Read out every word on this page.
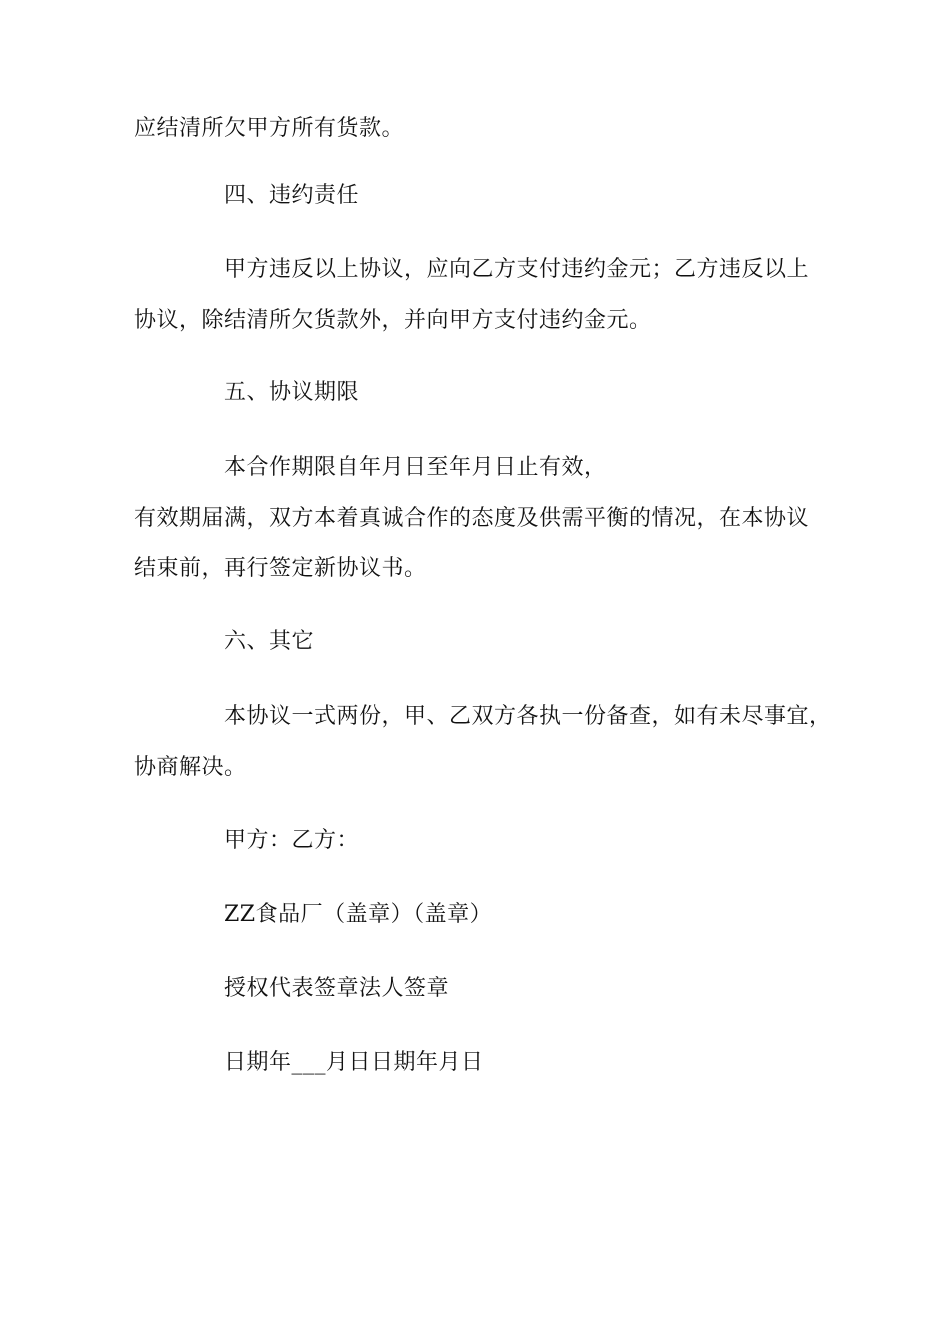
应结清所欠甲方所有货款。
四、违约责任
甲方违反以上协议，应向乙方支付违约金元；乙方违反以上
协议，除结清所欠货款外，并向甲方支付违约金元。
五、协议期限
本合作期限自年月日至年月日止有效，
有效期届满，双方本着真诚合作的态度及供需平衡的情况，在本协议
结束前，再行签定新协议书。
六、其它
本协议一式两份，甲、乙双方各执一份备查，如有未尽事宜，
协商解决。
甲方：乙方：
ZZ食品厂（盖章）（盖章）
授权代表签章法人签章
日期年___月日日期年月日
